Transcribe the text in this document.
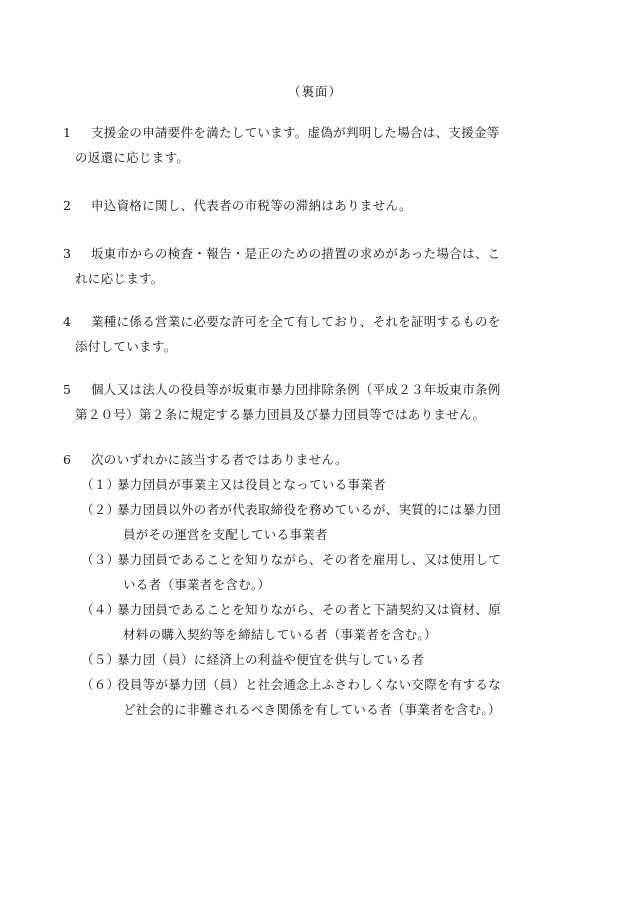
（裏面）
1 支援金の申請要件を満たしています。虚偽が判明した場合は、支援金等
の返還に応じます。
2 申込資格に関し、代表者の市税等の滞納はありません。
3 坂東市からの検査・報告・是正のための措置の求めがあった場合は、こ
れに応じます。
4 業種に係る営業に必要な許可を全て有しており、それを証明するものを
添付しています。
5 個人又は法人の役員等が坂東市暴力団排除条例（平成２３年坂東市条例
第２０号）第２条に規定する暴力団員及び暴力団員等ではありません。
6 次のいずれかに該当する者ではありません。
（１）暴力団員が事業主又は役員となっている事業者
（２）暴力団員以外の者が代表取締役を務めているが、実質的には暴力団
員がその運営を支配している事業者
（３）暴力団員であることを知りながら、その者を雇用し、又は使用して
いる者（事業者を含む。）
（４）暴力団員であることを知りながら、その者と下請契約又は資材、原
材料の購入契約等を締結している者（事業者を含む。）
（５）暴力団（員）に経済上の利益や便宜を供与している者
（６）役員等が暴力団（員）と社会通念上ふさわしくない交際を有するな
ど社会的に非難されるべき関係を有している者（事業者を含む。）
